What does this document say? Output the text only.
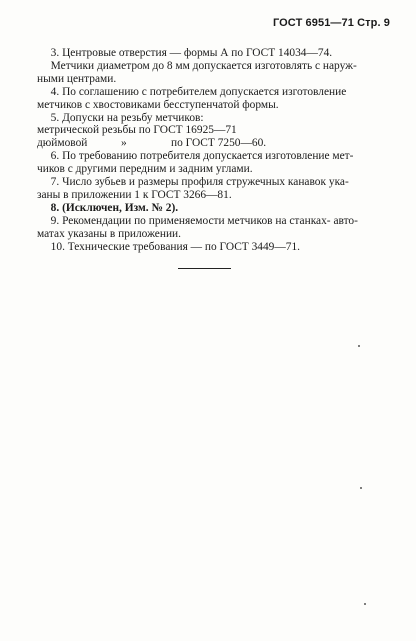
ГОСТ 6951—71 Стр. 9

3. Центровые отверстия — формы А по ГОСТ 14034—74.

Метчики диаметром до 8 мм допускается изготовлять с наруж-

ными центрами.

4. По соглашению с потребителем допускается изготовление

метчиков с хвостовиками бесступенчатой формы.

5. Допуски на резьбу метчиков:

метрической резьбы по ГОСТ 16925—71

дюймовой	»	по ГОСТ 7250—60.

6. По требованию потребителя допускается изготовление мет-

чиков с другими передним и задним углами.

7. Число зубьев и размеры профиля стружечных канавок ука-

заны в приложении 1 к ГОСТ 3266—81.

8. (Исключен, Изм. № 2).

9. Рекомендации по применяемости метчиков на станках- авто-

матах указаны в приложении.

10. Технические требования — по ГОСТ 3449—71.
